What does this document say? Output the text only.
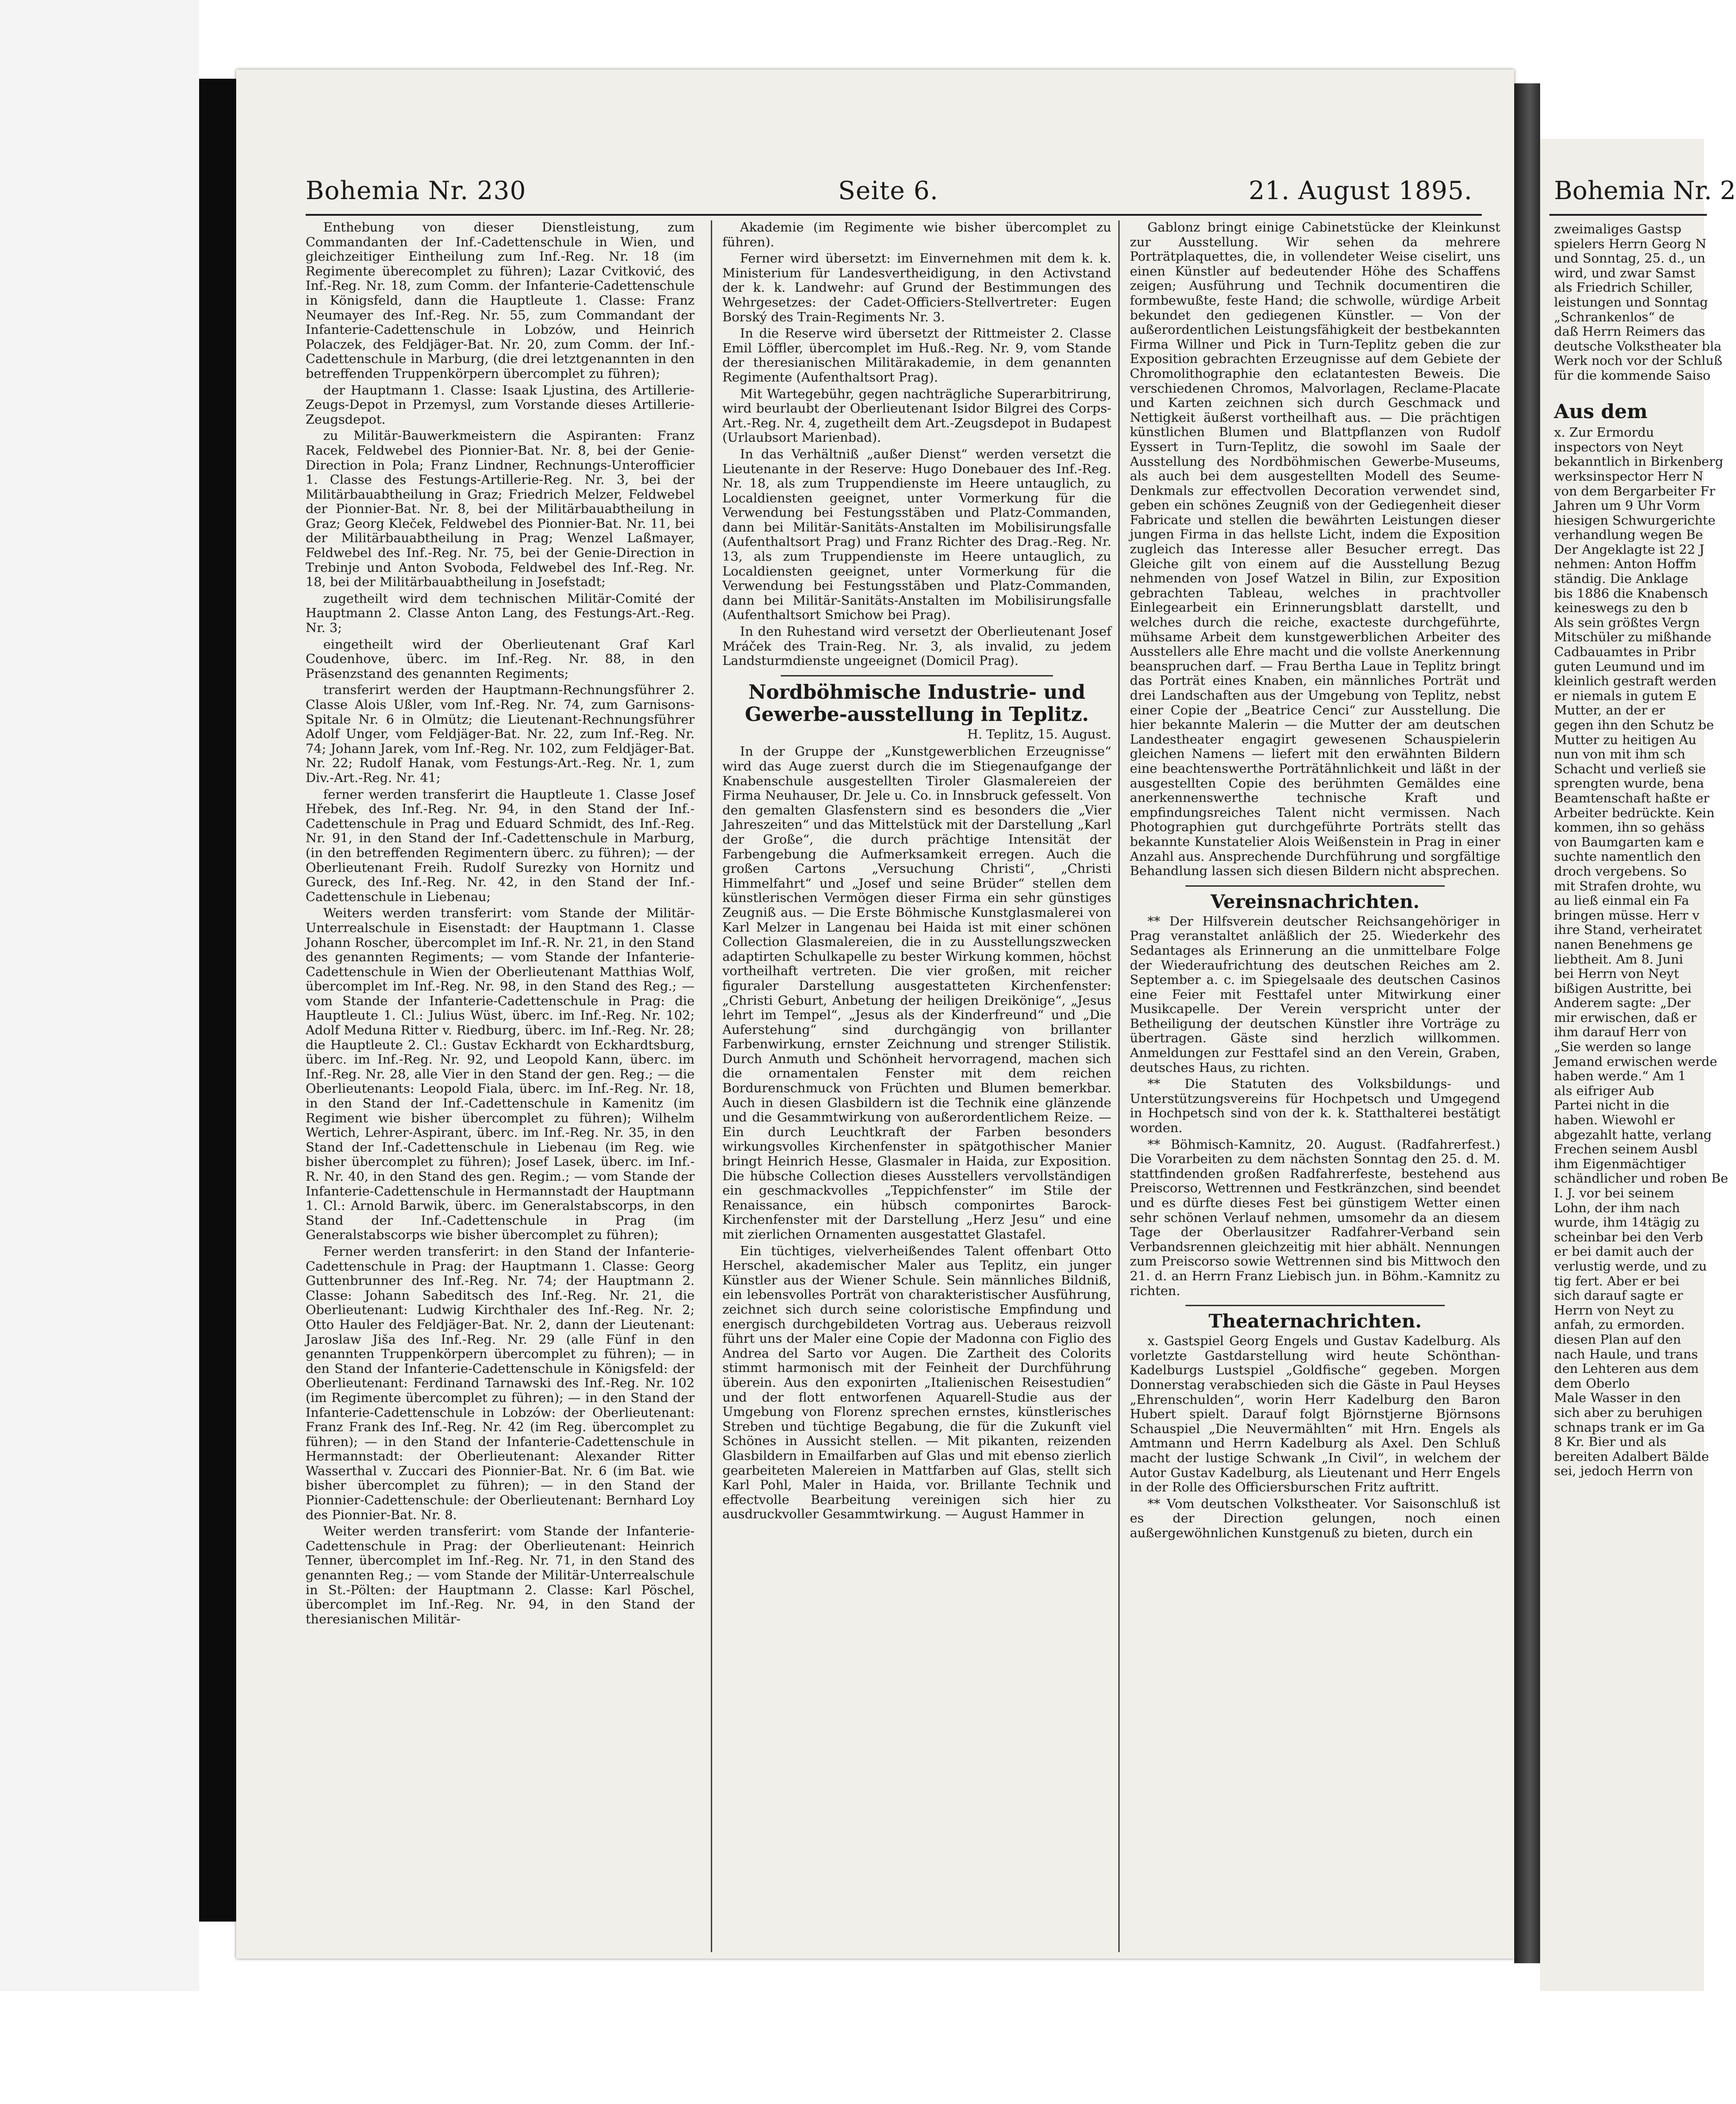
Bohemia Nr. 230	Seite 6.	21. August 1895.

Enthebung von dieser Dienstleistung, zum Commandanten der Inf.-Cadettenschule in Wien, und gleichzeitiger Eintheilung zum Inf.-Reg. Nr. 18 (im Regimente überecomplet zu führen); Lazar Cvitković, des Inf.-Reg. Nr. 18, zum Comm. der Infanterie-Cadettenschule in Königsfeld, dann die Hauptleute 1. Classe: Franz Neumayer des Inf.-Reg. Nr. 55, zum Commandant der Infanterie-Cadettenschule in Lobzów, und Heinrich Polaczek, des Feldjäger-Bat. Nr. 20, zum Comm. der Inf.-Cadettenschule in Marburg, (die drei letztgenannten in den betreffenden Truppenkörpern übercomplet zu führen);

der Hauptmann 1. Classe: Isaak Ljustina, des Artillerie-Zeugs-Depot in Przemysl, zum Vorstande dieses Artillerie-Zeugsdepot.

zu Militär-Bauwerkmeistern die Aspiranten: Franz Racek, Feldwebel des Pionnier-Bat. Nr. 8, bei der Genie-Direction in Pola; Franz Lindner, Rechnungs-Unterofficier 1. Classe des Festungs-Artillerie-Reg. Nr. 3, bei der Militärbauabtheilung in Graz; Friedrich Melzer, Feldwebel der Pionnier-Bat. Nr. 8, bei der Militärbauabtheilung in Graz; Georg Kleček, Feldwebel des Pionnier-Bat. Nr. 11, bei der Militärbauabtheilung in Prag; Wenzel Laßmayer, Feldwebel des Inf.-Reg. Nr. 75, bei der Genie-Direction in Trebinje und Anton Svoboda, Feldwebel des Inf.-Reg. Nr. 18, bei der Militärbauabtheilung in Josefstadt;

zugetheilt wird dem technischen Militär-Comité der Hauptmann 2. Classe Anton Lang, des Festungs-Art.-Reg. Nr. 3;

eingetheilt wird der Oberlieutenant Graf Karl Coudenhove, überc. im Inf.-Reg. Nr. 88, in den Präsenzstand des genannten Regiments;

transferirt werden der Hauptmann-Rechnungsführer 2. Classe Alois Ußler, vom Inf.-Reg. Nr. 74, zum Garnisons-Spitale Nr. 6 in Olmütz; die Lieutenant-Rechnungsführer Adolf Unger, vom Feldjäger-Bat. Nr. 22, zum Inf.-Reg. Nr. 74; Johann Jarek, vom Inf.-Reg. Nr. 102, zum Feldjäger-Bat. Nr. 22; Rudolf Hanak, vom Festungs-Art.-Reg. Nr. 1, zum Div.-Art.-Reg. Nr. 41;

ferner werden transferirt die Hauptleute 1. Classe Josef Hřebek, des Inf.-Reg. Nr. 94, in den Stand der Inf.-Cadettenschule in Prag und Eduard Schmidt, des Inf.-Reg. Nr. 91, in den Stand der Inf.-Cadettenschule in Marburg, (in den betreffenden Regimentern überc. zu führen); — der Oberlieutenant Freih. Rudolf Surezky von Hornitz und Gureck, des Inf.-Reg. Nr. 42, in den Stand der Inf.-Cadettenschule in Liebenau;

Weiters werden transferirt: vom Stande der Militär-Unterrealschule in Eisenstadt: der Hauptmann 1. Classe Johann Roscher, übercomplet im Inf.-R. Nr. 21, in den Stand des genannten Regiments; — vom Stande der Infanterie-Cadettenschule in Wien der Oberlieutenant Matthias Wolf, übercomplet im Inf.-Reg. Nr. 98, in den Stand des Reg.; — vom Stande der Infanterie-Cadettenschule in Prag: die Hauptleute 1. Cl.: Julius Wüst, überc. im Inf.-Reg. Nr. 102; Adolf Meduna Ritter v. Riedburg, überc. im Inf.-Reg. Nr. 28; die Hauptleute 2. Cl.: Gustav Eckhardt von Eckhardtsburg, überc. im Inf.-Reg. Nr. 92, und Leopold Kann, überc. im Inf.-Reg. Nr. 28, alle Vier in den Stand der gen. Reg.; — die Oberlieutenants: Leopold Fiala, überc. im Inf.-Reg. Nr. 18, in den Stand der Inf.-Cadettenschule in Kamenitz (im Regiment wie bisher übercomplet zu führen); Wilhelm Wertich, Lehrer-Aspirant, überc. im Inf.-Reg. Nr. 35, in den Stand der Inf.-Cadettenschule in Liebenau (im Reg. wie bisher übercomplet zu führen); Josef Lasek, überc. im Inf.-R. Nr. 40, in den Stand des gen. Regim.; — vom Stande der Infanterie-Cadettenschule in Hermannstadt der Hauptmann 1. Cl.: Arnold Barwik, überc. im Generalstabscorps, in den Stand der Inf.-Cadettenschule in Prag (im Generalstabscorps wie bisher übercomplet zu führen);

Ferner werden transferirt: in den Stand der Infanterie-Cadettenschule in Prag: der Hauptmann 1. Classe: Georg Guttenbrunner des Inf.-Reg. Nr. 74; der Hauptmann 2. Classe: Johann Sabeditsch des Inf.-Reg. Nr. 21, die Oberlieutenant: Ludwig Kirchthaler des Inf.-Reg. Nr. 2; Otto Hauler des Feldjäger-Bat. Nr. 2, dann der Lieutenant: Jaroslaw Jiša des Inf.-Reg. Nr. 29 (alle Fünf in den genannten Truppenkörpern übercomplet zu führen); — in den Stand der Infanterie-Cadettenschule in Königsfeld: der Oberlieutenant: Ferdinand Tarnawski des Inf.-Reg. Nr. 102 (im Regimente übercomplet zu führen); — in den Stand der Infanterie-Cadettenschule in Lobzów: der Oberlieutenant: Franz Frank des Inf.-Reg. Nr. 42 (im Reg. übercomplet zu führen); — in den Stand der Infanterie-Cadettenschule in Hermannstadt: der Oberlieutenant: Alexander Ritter Wasserthal v. Zuccari des Pionnier-Bat. Nr. 6 (im Bat. wie bisher übercomplet zu führen); — in den Stand der Pionnier-Cadettenschule: der Oberlieutenant: Bernhard Loy des Pionnier-Bat. Nr. 8.

Weiter werden transferirt: vom Stande der Infanterie-Cadettenschule in Prag: der Oberlieutenant: Heinrich Tenner, übercomplet im Inf.-Reg. Nr. 71, in den Stand des genannten Reg.; — vom Stande der Militär-Unterrealschule in St.-Pölten: der Hauptmann 2. Classe: Karl Pöschel, übercomplet im Inf.-Reg. Nr. 94, in den Stand der theresianischen Militär-

Akademie (im Regimente wie bisher übercomplet zu führen).

Ferner wird übersetzt: im Einvernehmen mit dem k. k. Ministerium für Landesvertheidigung, in den Activstand der k. k. Landwehr: auf Grund der Bestimmungen des Wehrgesetzes: der Cadet-Officiers-Stellvertreter: Eugen Borský des Train-Regiments Nr. 3.

In die Reserve wird übersetzt der Rittmeister 2. Classe Emil Löffler, übercomplet im Huß.-Reg. Nr. 9, vom Stande der theresianischen Militärakademie, in dem genannten Regimente (Aufenthaltsort Prag).

Mit Wartegebühr, gegen nachträgliche Superarbitrirung, wird beurlaubt der Oberlieutenant Isidor Bilgrei des Corps-Art.-Reg. Nr. 4, zugetheilt dem Art.-Zeugsdepot in Budapest (Urlaubsort Marienbad).

In das Verhältniß „außer Dienst“ werden versetzt die Lieutenante in der Reserve: Hugo Donebauer des Inf.-Reg. Nr. 18, als zum Truppendienste im Heere untauglich, zu Localdiensten geeignet, unter Vormerkung für die Verwendung bei Festungsstäben und Platz-Commanden, dann bei Militär-Sanitäts-Anstalten im Mobilisirungsfalle (Aufenthaltsort Prag) und Franz Richter des Drag.-Reg. Nr. 13, als zum Truppendienste im Heere untauglich, zu Localdiensten geeignet, unter Vormerkung für die Verwendung bei Festungsstäben und Platz-Commanden, dann bei Militär-Sanitäts-Anstalten im Mobilisirungsfalle (Aufenthaltsort Smichow bei Prag).

In den Ruhestand wird versetzt der Oberlieutenant Josef Mráček des Train-Reg. Nr. 3, als invalid, zu jedem Landsturmdienste ungeeignet (Domicil Prag).

Nordböhmische Industrie- und Gewerbe-ausstellung in Teplitz.

H. Teplitz, 15. August.

In der Gruppe der „Kunstgewerblichen Erzeugnisse“ wird das Auge zuerst durch die im Stiegenaufgange der Knabenschule ausgestellten Tiroler Glasmalereien der Firma Neuhauser, Dr. Jele u. Co. in Innsbruck gefesselt. Von den gemalten Glasfenstern sind es besonders die „Vier Jahreszeiten“ und das Mittelstück mit der Darstellung „Karl der Große“, die durch prächtige Intensität der Farbengebung die Aufmerksamkeit erregen. Auch die großen Cartons „Versuchung Christi“, „Christi Himmelfahrt“ und „Josef und seine Brüder“ stellen dem künstlerischen Vermögen dieser Firma ein sehr günstiges Zeugniß aus. — Die Erste Böhmische Kunstglasmalerei von Karl Melzer in Langenau bei Haida ist mit einer schönen Collection Glasmalereien, die in zu Ausstellungszwecken adaptirten Schulkapelle zu bester Wirkung kommen, höchst vortheilhaft vertreten. Die vier großen, mit reicher figuraler Darstellung ausgestatteten Kirchenfenster: „Christi Geburt, Anbetung der heiligen Dreikönige“, „Jesus lehrt im Tempel“, „Jesus als der Kinderfreund“ und „Die Auferstehung“ sind durchgängig von brillanter Farbenwirkung, ernster Zeichnung und strenger Stilistik. Durch Anmuth und Schönheit hervorragend, machen sich die ornamentalen Fenster mit dem reichen Bordurenschmuck von Früchten und Blumen bemerkbar. Auch in diesen Glasbildern ist die Technik eine glänzende und die Gesammtwirkung von außerordentlichem Reize. — Ein durch Leuchtkraft der Farben besonders wirkungsvolles Kirchenfenster in spätgothischer Manier bringt Heinrich Hesse, Glasmaler in Haida, zur Exposition. Die hübsche Collection dieses Ausstellers vervollständigen ein geschmackvolles „Teppichfenster“ im Stile der Renaissance, ein hübsch componirtes Barock-Kirchenfenster mit der Darstellung „Herz Jesu“ und eine mit zierlichen Ornamenten ausgestattet Glastafel.

Ein tüchtiges, vielverheißendes Talent offenbart Otto Herschel, akademischer Maler aus Teplitz, ein junger Künstler aus der Wiener Schule. Sein männliches Bildniß, ein lebensvolles Porträt von charakteristischer Ausführung, zeichnet sich durch seine coloristische Empfindung und energisch durchgebildeten Vortrag aus. Ueberaus reizvoll führt uns der Maler eine Copie der Madonna con Figlio des Andrea del Sarto vor Augen. Die Zartheit des Colorits stimmt harmonisch mit der Feinheit der Durchführung überein. Aus den exponirten „Italienischen Reisestudien“ und der flott entworfenen Aquarell-Studie aus der Umgebung von Florenz sprechen ernstes, künstlerisches Streben und tüchtige Begabung, die für die Zukunft viel Schönes in Aussicht stellen. — Mit pikanten, reizenden Glasbildern in Emailfarben auf Glas und mit ebenso zierlich gearbeiteten Malereien in Mattfarben auf Glas, stellt sich Karl Pohl, Maler in Haida, vor. Brillante Technik und effectvolle Bearbeitung vereinigen sich hier zu ausdruckvoller Gesammtwirkung. — August Hammer in

Gablonz bringt einige Cabinetstücke der Kleinkunst zur Ausstellung. Wir sehen da mehrere Porträtplaquettes, die, in vollendeter Weise ciselirt, uns einen Künstler auf bedeutender Höhe des Schaffens zeigen; Ausführung und Technik documentiren die formbewußte, feste Hand; die schwolle, würdige Arbeit bekundet den gediegenen Künstler. — Von der außerordentlichen Leistungsfähigkeit der bestbekannten Firma Willner und Pick in Turn-Teplitz geben die zur Exposition gebrachten Erzeugnisse auf dem Gebiete der Chromolithographie den eclatantesten Beweis. Die verschiedenen Chromos, Malvorlagen, Reclame-Placate und Karten zeichnen sich durch Geschmack und Nettigkeit äußerst vortheilhaft aus. — Die prächtigen künstlichen Blumen und Blattpflanzen von Rudolf Eyssert in Turn-Teplitz, die sowohl im Saale der Ausstellung des Nordböhmischen Gewerbe-Museums, als auch bei dem ausgestellten Modell des Seume-Denkmals zur effectvollen Decoration verwendet sind, geben ein schönes Zeugniß von der Gediegenheit dieser Fabricate und stellen die bewährten Leistungen dieser jungen Firma in das hellste Licht, indem die Exposition zugleich das Interesse aller Besucher erregt. Das Gleiche gilt von einem auf die Ausstellung Bezug nehmenden von Josef Watzel in Bilin, zur Exposition gebrachten Tableau, welches in prachtvoller Einlegearbeit ein Erinnerungsblatt darstellt, und welches durch die reiche, exacteste durchgeführte, mühsame Arbeit dem kunstgewerblichen Arbeiter des Ausstellers alle Ehre macht und die vollste Anerkennung beanspruchen darf. — Frau Bertha Laue in Teplitz bringt das Porträt eines Knaben, ein männliches Porträt und drei Landschaften aus der Umgebung von Teplitz, nebst einer Copie der „Beatrice Cenci“ zur Ausstellung. Die hier bekannte Malerin — die Mutter der am deutschen Landestheater engagirt gewesenen Schauspielerin gleichen Namens — liefert mit den erwähnten Bildern eine beachtenswerthe Porträtähnlichkeit und läßt in der ausgestellten Copie des berühmten Gemäldes eine anerkennenswerthe technische Kraft und empfindungsreiches Talent nicht vermissen. Nach Photographien gut durchgeführte Porträts stellt das bekannte Kunstatelier Alois Weißenstein in Prag in einer Anzahl aus. Ansprechende Durchführung und sorgfältige Behandlung lassen sich diesen Bildern nicht absprechen.

Vereinsnachrichten.

** Der Hilfsverein deutscher Reichsangehöriger in Prag veranstaltet anläßlich der 25. Wiederkehr des Sedantages als Erinnerung an die unmittelbare Folge der Wiederaufrichtung des deutschen Reiches am 2. September a. c. im Spiegelsaale des deutschen Casinos eine Feier mit Festtafel unter Mitwirkung einer Musikcapelle. Der Verein verspricht unter der Betheiligung der deutschen Künstler ihre Vorträge zu übertragen. Gäste sind herzlich willkommen. Anmeldungen zur Festtafel sind an den Verein, Graben, deutsches Haus, zu richten.

** Die Statuten des Volksbildungs- und Unterstützungsvereins für Hochpetsch und Umgegend in Hochpetsch sind von der k. k. Statthalterei bestätigt worden.

** Böhmisch-Kamnitz, 20. August. (Radfahrerfest.) Die Vorarbeiten zu dem nächsten Sonntag den 25. d. M. stattfindenden großen Radfahrerfeste, bestehend aus Preiscorso, Wettrennen und Festkränzchen, sind beendet und es dürfte dieses Fest bei günstigem Wetter einen sehr schönen Verlauf nehmen, umsomehr da an diesem Tage der Oberlausitzer Radfahrer-Verband sein Verbandsrennen gleichzeitig mit hier abhält. Nennungen zum Preiscorso sowie Wettrennen sind bis Mittwoch den 21. d. an Herrn Franz Liebisch jun. in Böhm.-Kamnitz zu richten.

Theaternachrichten.

x. Gastspiel Georg Engels und Gustav Kadelburg. Als vorletzte Gastdarstellung wird heute Schönthan-Kadelburgs Lustspiel „Goldfische“ gegeben. Morgen Donnerstag verabschieden sich die Gäste in Paul Heyses „Ehrenschulden“, worin Herr Kadelburg den Baron Hubert spielt. Darauf folgt Björnstjerne Björnsons Schauspiel „Die Neuvermählten“ mit Hrn. Engels als Amtmann und Herrn Kadelburg als Axel. Den Schluß macht der lustige Schwank „In Civil“, in welchem der Autor Gustav Kadelburg, als Lieutenant und Herr Engels in der Rolle des Officiersburschen Fritz auftritt.

** Vom deutschen Volkstheater. Vor Saisonschluß ist es der Direction gelungen, noch einen außergewöhnlichen Kunstgenuß zu bieten, durch ein

Bohemia Nr. 2
zweimaliges Gastsp
spielers Herrn Georg N
und Sonntag, 25. d., un
wird, und zwar Samst
als Friedrich Schiller,
leistungen und Sonntag
„Schrankenlos“ de
daß Herrn Reimers das
deutsche Volkstheater bla
Werk noch vor der Schluß
für die kommende Saiso
Aus dem
x. Zur Ermordu
inspectors von Neyt
bekanntlich in Birkenberg
werksinspector Herr N
von dem Bergarbeiter Fr
Jahren um 9 Uhr Vorm
hiesigen Schwurgerichte
verhandlung wegen Be
Der Angeklagte ist 22 J
nehmen: Anton Hoffm
ständig. Die Anklage
bis 1886 die Knabensch
keineswegs zu den b
Als sein größtes Vergn
Mitschüler zu mißhande
Cadbauamtes in Pribr
guten Leumund und im
kleinlich gestraft werden
er niemals in gutem E
Mutter, an der er
gegen ihn den Schutz be
Mutter zu heitigen Au
nun von mit ihm sch
Schacht und verließ sie
sprengten wurde, bena
Beamtenschaft haßte er
Arbeiter bedrückte. Kein
kommen, ihn so gehäss
von Baumgarten kam e
suchte namentlich den
droch vergebens. So
mit Strafen drohte, wu
au ließ einmal ein Fa
bringen müsse. Herr v
ihre Stand, verheiratet
nanen Benehmens ge
liebtheit. Am 8. Juni
bei Herrn von Neyt
bißigen Austritte, bei
Anderem sagte: „Der
mir erwischen, daß er
ihm darauf Herr von
„Sie werden so lange
Jemand erwischen werde
haben werde.“ Am 1
als eifriger Aub
Partei nicht in die
haben. Wiewohl er
abgezahlt hatte, verlang
Frechen seinem Ausbl
ihm Eigenmächtiger
schändlicher und roben Be
I. J. vor bei seinem
Lohn, der ihm nach
wurde, ihm 14tägig zu
scheinbar bei den Verb
er bei damit auch der
verlustig werde, und zu
tig fert. Aber er bei
sich darauf sagte er
Herrn von Neyt zu
anfah, zu ermorden.
diesen Plan auf den
nach Haule, und trans
den Lehteren aus dem
dem Oberlo
Male Wasser in den
sich aber zu beruhigen
schnaps trank er im Ga
8 Kr. Bier und als
bereiten Adalbert Bälde
sei, jedoch Herrn von
